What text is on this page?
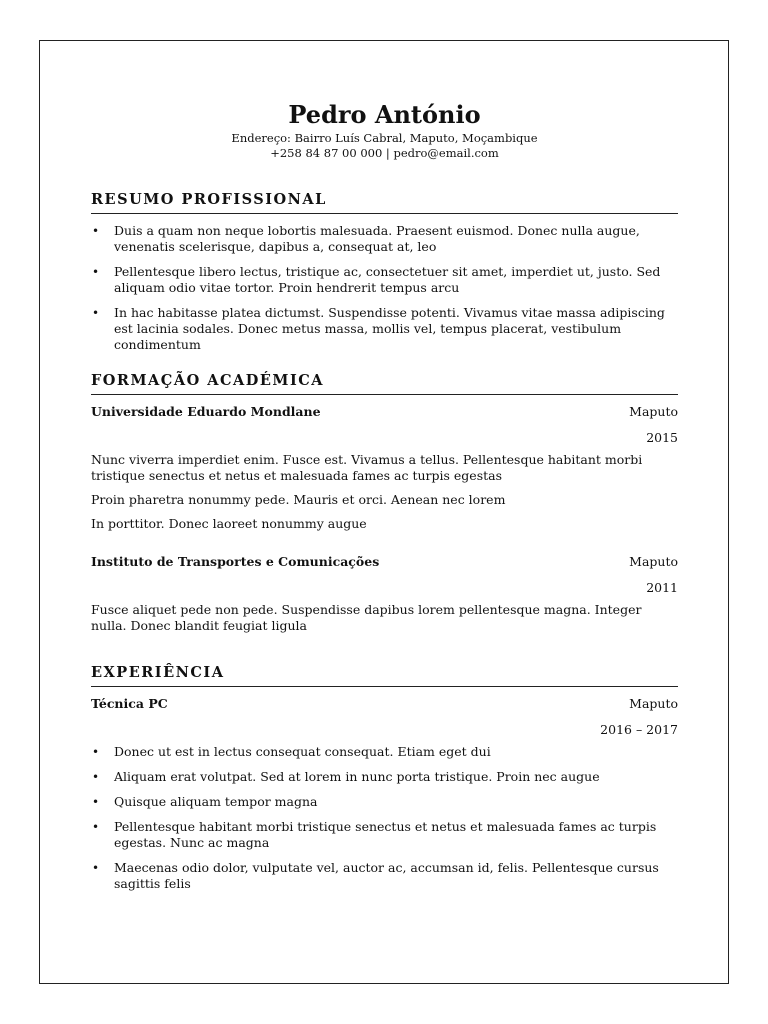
Pedro António
Endereço: Bairro Luís Cabral, Maputo, Moçambique
+258 84 87 00 000 | pedro@email.com
RESUMO PROFISSIONAL
• Duis a quam non neque lobortis malesuada. Praesent euismod. Donec nulla augue, venenatis scelerisque, dapibus a, consequat at, leo
• Pellentesque libero lectus, tristique ac, consectetuer sit amet, imperdiet ut, justo. Sed aliquam odio vitae tortor. Proin hendrerit tempus arcu
• In hac habitasse platea dictumst. Suspendisse potenti. Vivamus vitae massa adipiscing est lacinia sodales. Donec metus massa, mollis vel, tempus placerat, vestibulum condimentum
FORMAÇÃO ACADÉMICA
Universidade Eduardo Mondlane	Maputo
2015
Nunc viverra imperdiet enim. Fusce est. Vivamus a tellus. Pellentesque habitant morbi tristique senectus et netus et malesuada fames ac turpis egestas
Proin pharetra nonummy pede. Mauris et orci. Aenean nec lorem
In porttitor. Donec laoreet nonummy augue
Instituto de Transportes e Comunicações	Maputo
2011
Fusce aliquet pede non pede. Suspendisse dapibus lorem pellentesque magna. Integer nulla. Donec blandit feugiat ligula
EXPERIÊNCIA
Técnica PC	Maputo
2016 – 2017
• Donec ut est in lectus consequat consequat. Etiam eget dui
• Aliquam erat volutpat. Sed at lorem in nunc porta tristique. Proin nec augue
• Quisque aliquam tempor magna
• Pellentesque habitant morbi tristique senectus et netus et malesuada fames ac turpis egestas. Nunc ac magna
• Maecenas odio dolor, vulputate vel, auctor ac, accumsan id, felis. Pellentesque cursus sagittis felis
